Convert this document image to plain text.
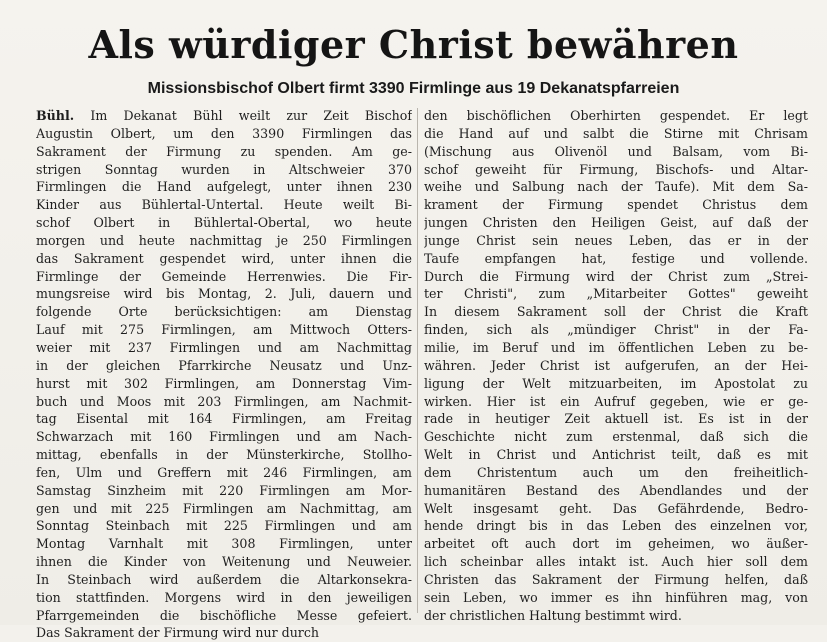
Als würdiger Christ bewähren
Missionsbischof Olbert firmt 3390 Firmlinge aus 19 Dekanatspfarreien
Bühl. Im Dekanat Bühl weilt zur Zeit Bischof
Augustin Olbert, um den 3390 Firmlingen das
Sakrament der Firmung zu spenden. Am ge-
strigen Sonntag wurden in Altschweier 370
Firmlingen die Hand aufgelegt, unter ihnen 230
Kinder aus Bühlertal-Untertal. Heute weilt Bi-
schof Olbert in Bühlertal-Obertal, wo heute
morgen und heute nachmittag je 250 Firmlingen
das Sakrament gespendet wird, unter ihnen die
Firmlinge der Gemeinde Herrenwies. Die Fir-
mungsreise wird bis Montag, 2. Juli, dauern und
folgende Orte berücksichtigen: am Dienstag
Lauf mit 275 Firmlingen, am Mittwoch Otters-
weier mit 237 Firmlingen und am Nachmittag
in der gleichen Pfarrkirche Neusatz und Unz-
hurst mit 302 Firmlingen, am Donnerstag Vim-
buch und Moos mit 203 Firmlingen, am Nachmit-
tag Eisental mit 164 Firmlingen, am Freitag
Schwarzach mit 160 Firmlingen und am Nach-
mittag, ebenfalls in der Münsterkirche, Stollho-
fen, Ulm und Greffern mit 246 Firmlingen, am
Samstag Sinzheim mit 220 Firmlingen am Mor-
gen und mit 225 Firmlingen am Nachmittag, am
Sonntag Steinbach mit 225 Firmlingen und am
Montag Varnhalt mit 308 Firmlingen, unter
ihnen die Kinder von Weitenung und Neuweier.
In Steinbach wird außerdem die Altarkonsekra-
tion stattfinden. Morgens wird in den jeweiligen
Pfarrgemeinden die bischöfliche Messe gefeiert.
Das Sakrament der Firmung wird nur durch
den bischöflichen Oberhirten gespendet. Er legt
die Hand auf und salbt die Stirne mit Chrisam
(Mischung aus Olivenöl und Balsam, vom Bi-
schof geweiht für Firmung, Bischofs- und Altar-
weihe und Salbung nach der Taufe). Mit dem Sa-
krament der Firmung spendet Christus dem
jungen Christen den Heiligen Geist, auf daß der
junge Christ sein neues Leben, das er in der
Taufe empfangen hat, festige und vollende.
Durch die Firmung wird der Christ zum „Strei-
ter Christi", zum „Mitarbeiter Gottes" geweiht
In diesem Sakrament soll der Christ die Kraft
finden, sich als „mündiger Christ" in der Fa-
milie, im Beruf und im öffentlichen Leben zu be-
währen. Jeder Christ ist aufgerufen, an der Hei-
ligung der Welt mitzuarbeiten, im Apostolat zu
wirken. Hier ist ein Aufruf gegeben, wie er ge-
rade in heutiger Zeit aktuell ist. Es ist in der
Geschichte nicht zum erstenmal, daß sich die
Welt in Christ und Antichrist teilt, daß es mit
dem Christentum auch um den freiheitlich-
humanitären Bestand des Abendlandes und der
Welt insgesamt geht. Das Gefährdende, Bedro-
hende dringt bis in das Leben des einzelnen vor,
arbeitet oft auch dort im geheimen, wo äußer-
lich scheinbar alles intakt ist. Auch hier soll dem
Christen das Sakrament der Firmung helfen, daß
sein Leben, wo immer es ihn hinführen mag, von
der christlichen Haltung bestimmt wird.
